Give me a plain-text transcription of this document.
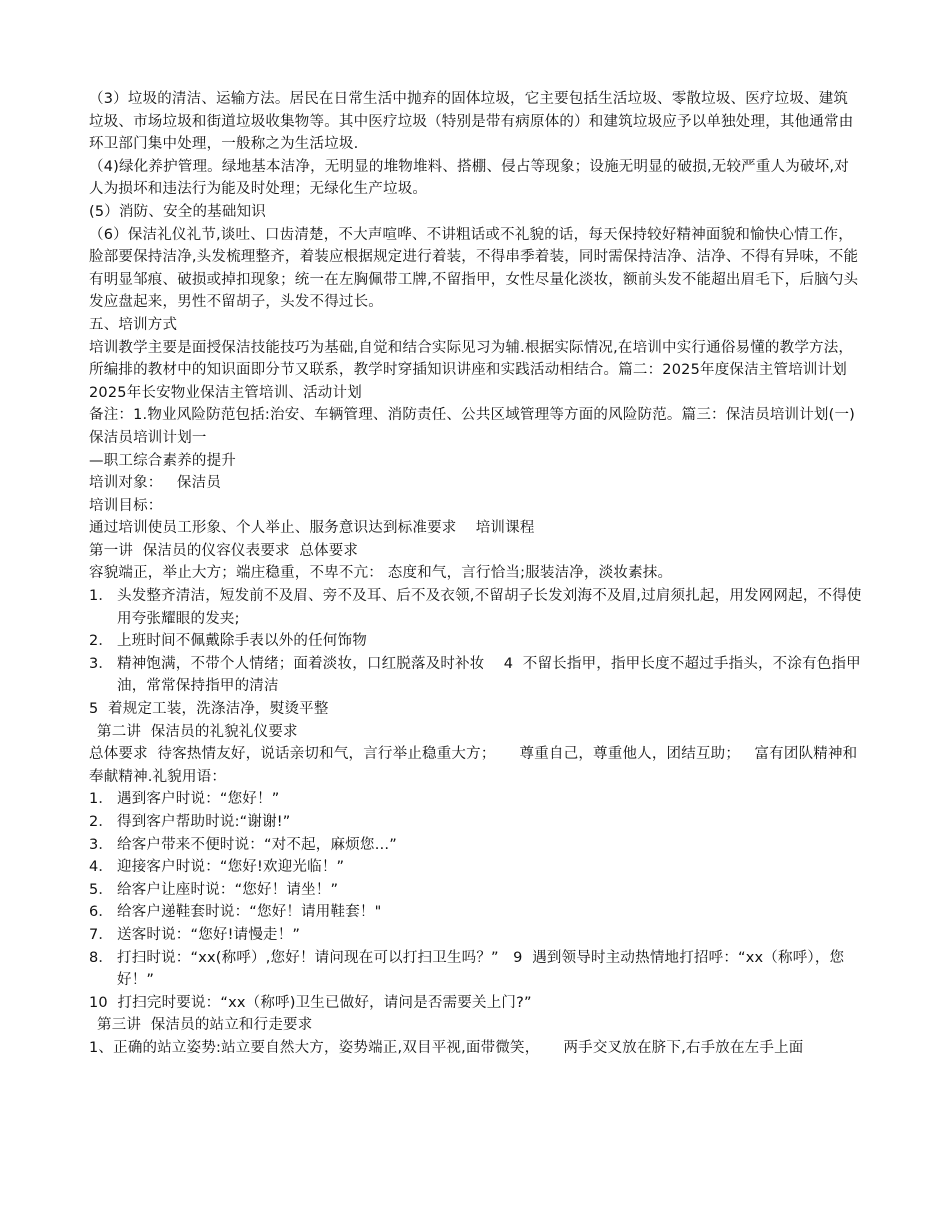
（3）垃圾的清洁、运输方法。居民在日常生活中抛弃的固体垃圾，它主要包括生活垃圾、零散垃圾、医疗垃圾、建筑垃圾、市场垃圾和街道垃圾收集物等。其中医疗垃圾（特别是带有病原体的）和建筑垃圾应予以单独处理，其他通常由环卫部门集中处理，一般称之为生活垃圾.

（4)绿化养护管理。绿地基本洁净，无明显的堆物堆料、搭棚、侵占等现象；设施无明显的破损,无较严重人为破坏,对人为损坏和违法行为能及时处理；无绿化生产垃圾。

(5）消防、安全的基础知识

（6）保洁礼仪礼节,谈吐、口齿清楚，不大声喧哗、不讲粗话或不礼貌的话，每天保持较好精神面貌和愉快心情工作，脸部要保持洁净,头发梳理整齐，着装应根据规定进行着装，不得串季着装，同时需保持洁净、洁净、不得有异味，不能有明显邹痕、破损或掉扣现象；统一在左胸佩带工牌,不留指甲，女性尽量化淡妆，额前头发不能超出眉毛下，后脑勺头发应盘起来，男性不留胡子，头发不得过长。

五、培训方式

培训教学主要是面授保洁技能技巧为基础,自觉和结合实际见习为辅.根据实际情况,在培训中实行通俗易懂的教学方法，所编排的教材中的知识面即分节又联系，教学时穿插知识讲座和实践活动相结合。篇二：2025年度保洁主管培训计划

2025年长安物业保洁主管培训、活动计划

备注：1.物业风险防范包括:治安、车辆管理、消防责任、公共区域管理等方面的风险防范。篇三：保洁员培训计划(一)

保洁员培训计划一

—职工综合素养的提升

培训对象：   保洁员

培训目标：

通过培训使员工形象、个人举止、服务意识达到标准要求    培训课程

第一讲  保洁员的仪容仪表要求  总体要求

容貌端正，举止大方；端庄稳重，不卑不亢： 态度和气，言行恰当;服装洁净，淡妆素抹。

1． 头发整齐清洁，短发前不及眉、旁不及耳、后不及衣领,不留胡子长发刘海不及眉,过肩须扎起，用发网网起，不得使用夸张耀眼的发夹;
2． 上班时间不佩戴除手表以外的任何饰物
3． 精神饱满，不带个人情绪；面着淡妆，口红脱落及时补妆    4  不留长指甲，指甲长度不超过手指头，不涂有色指甲油，常常保持指甲的清洁

5  着规定工装，洗涤洁净，熨烫平整

第二讲  保洁员的礼貌礼仪要求

总体要求  待客热情友好，说话亲切和气，言行举止稳重大方；     尊重自己，尊重他人，团结互助；   富有团队精神和奉献精神.礼貌用语：

1． 遇到客户时说：“您好！”
2． 得到客户帮助时说:“谢谢!”
3． 给客户带来不便时说：“对不起，麻烦您…”
4． 迎接客户时说：“您好!欢迎光临！”
5． 给客户让座时说：“您好！请坐！”
6． 给客户递鞋套时说：“您好！请用鞋套！"
7． 送客时说：“您好!请慢走！”
8． 打扫时说：“xx(称呼）,您好！请问现在可以打扫卫生吗？”   9  遇到领导时主动热情地打招呼：“xx（称呼），您好！”

10  打扫完时要说：“xx（称呼)卫生已做好，请问是否需要关上门?”

第三讲  保洁员的站立和行走要求

1、正确的站立姿势:站立要自然大方，姿势端正,双目平视,面带微笑，     两手交叉放在脐下,右手放在左手上面
